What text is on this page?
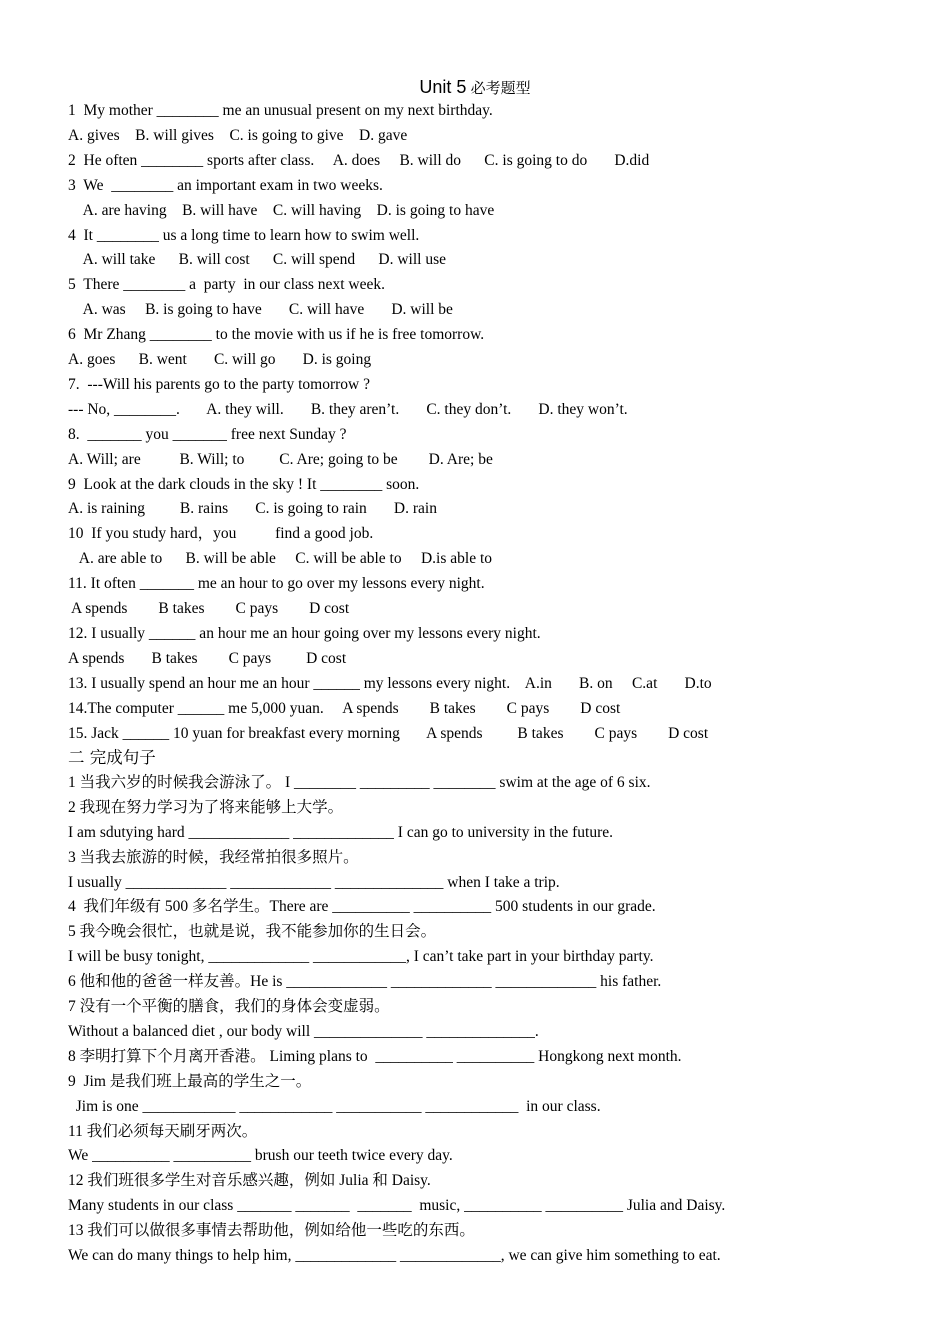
Unit 5 必考题型
1  My mother ________ me an unusual present on my next birthday.
A. gives    B. will gives    C. is going to give    D. gave
2  He often ________ sports after class.     A. does     B. will do      C. is going to do       D.did
3  We  ________ an important exam in two weeks.
A. are having    B. will have    C. will having    D. is going to have
4  It ________ us a long time to learn how to swim well.
A. will take      B. will cost      C. will spend      D. will use
5  There ________ a  party  in our class next week.
A. was     B. is going to have       C. will have       D. will be
6  Mr Zhang ________ to the movie with us if he is free tomorrow.
A. goes      B. went       C. will go       D. is going
7.  ---Will his parents go to the party tomorrow ?
--- No, ________.       A. they will.       B. they aren’t.       C. they don’t.       D. they won’t.
8.  _______ you _______ free next Sunday ?
A. Will; are          B. Will; to         C. Are; going to be        D. Are; be
9  Look at the dark clouds in the sky ! It ________ soon.
A. is raining         B. rains       C. is going to rain       D. rain
10  If you study hard，you          find a good job.
A. are able to      B. will be able     C. will be able to     D.is able to
11. It often _______ me an hour to go over my lessons every night.
A spends        B takes        C pays        D cost
12. I usually ______ an hour me an hour going over my lessons every night.
A spends       B takes        C pays         D cost
13. I usually spend an hour me an hour ______ my lessons every night.    A.in       B. on     C.at       D.to
14.The computer ______ me 5,000 yuan.     A spends        B takes        C pays        D cost
15. Jack ______ 10 yuan for breakfast every morning       A spends         B takes        C pays        D cost
二 完成句子
1 当我六岁的时候我会游泳了。 I ________ _________ ________ swim at the age of 6 six.
2 我现在努力学习为了将来能够上大学。
I am sdutying hard _____________ _____________ I can go to university in the future.
3 当我去旅游的时候，我经常拍很多照片。
I usually _____________ _____________ ______________ when I take a trip.
4  我们年级有 500 多名学生。There are __________ __________ 500 students in our grade.
5 我今晚会很忙，也就是说，我不能参加你的生日会。
I will be busy tonight, _____________ ____________, I can’t take part in your birthday party.
6 他和他的爸爸一样友善。He is _____________ _____________ _____________ his father.
7 没有一个平衡的膳食，我们的身体会变虚弱。
Without a balanced diet , our body will ______________ ______________.
8 李明打算下个月离开香港。 Liming plans to  __________ __________ Hongkong next month.
9  Jim 是我们班上最高的学生之一。
Jim is one ____________ ____________ ___________ ____________  in our class.
11 我们必须每天刷牙两次。
We __________ __________ brush our teeth twice every day.
12 我们班很多学生对音乐感兴趣，例如 Julia 和 Daisy.
Many students in our class _______ _______  _______  music, __________ __________ Julia and Daisy.
13 我们可以做很多事情去帮助他，例如给他一些吃的东西。
We can do many things to help him, _____________ _____________, we can give him something to eat.
